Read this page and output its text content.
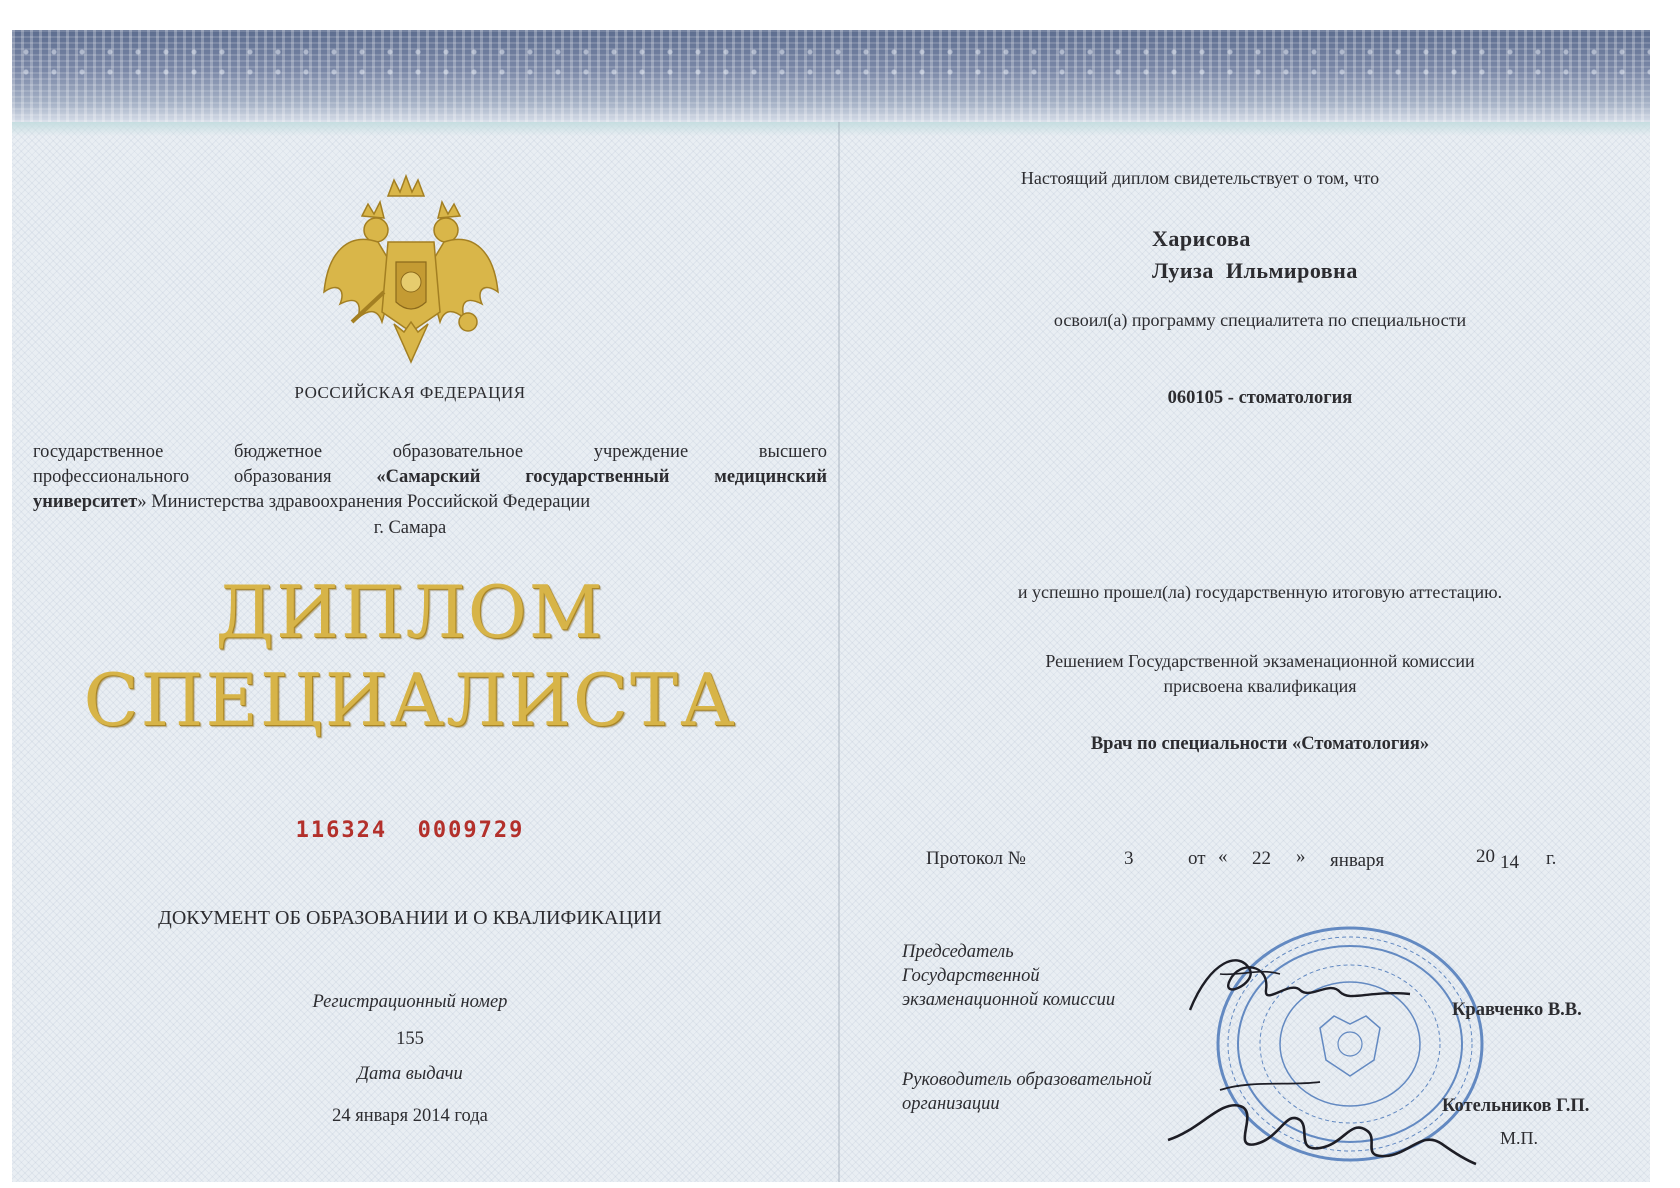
РОССИЙСКАЯ ФЕДЕРАЦИЯ
государственное бюджетное образовательное учреждение высшего
профессионального образования «Самарский государственный медицинский
университет» Министерства здравоохранения Российской Федерации
г. Самара
ДИПЛОМ
СПЕЦИАЛИСТА
116324  0009729
ДОКУМЕНТ ОБ ОБРАЗОВАНИИ И О КВАЛИФИКАЦИИ
Регистрационный номер
155
Дата выдачи
24 января 2014 года
Настоящий диплом свидетельствует о том, что
Харисова
Луиза  Ильмировна
освоил(а) программу специалитета по специальности
060105 - стоматология
и успешно прошел(ла) государственную итоговую аттестацию.
Решением Государственной экзаменационной комиссии
присвоена квалификация
Врач по специальности «Стоматология»
Протокол №	3	от « 22 » января	20 14 г.
Председатель
Государственной
экзаменационной комиссии	Кравченко В.В.
Руководитель образовательной
организации	Котельников Г.П.
М.П.
